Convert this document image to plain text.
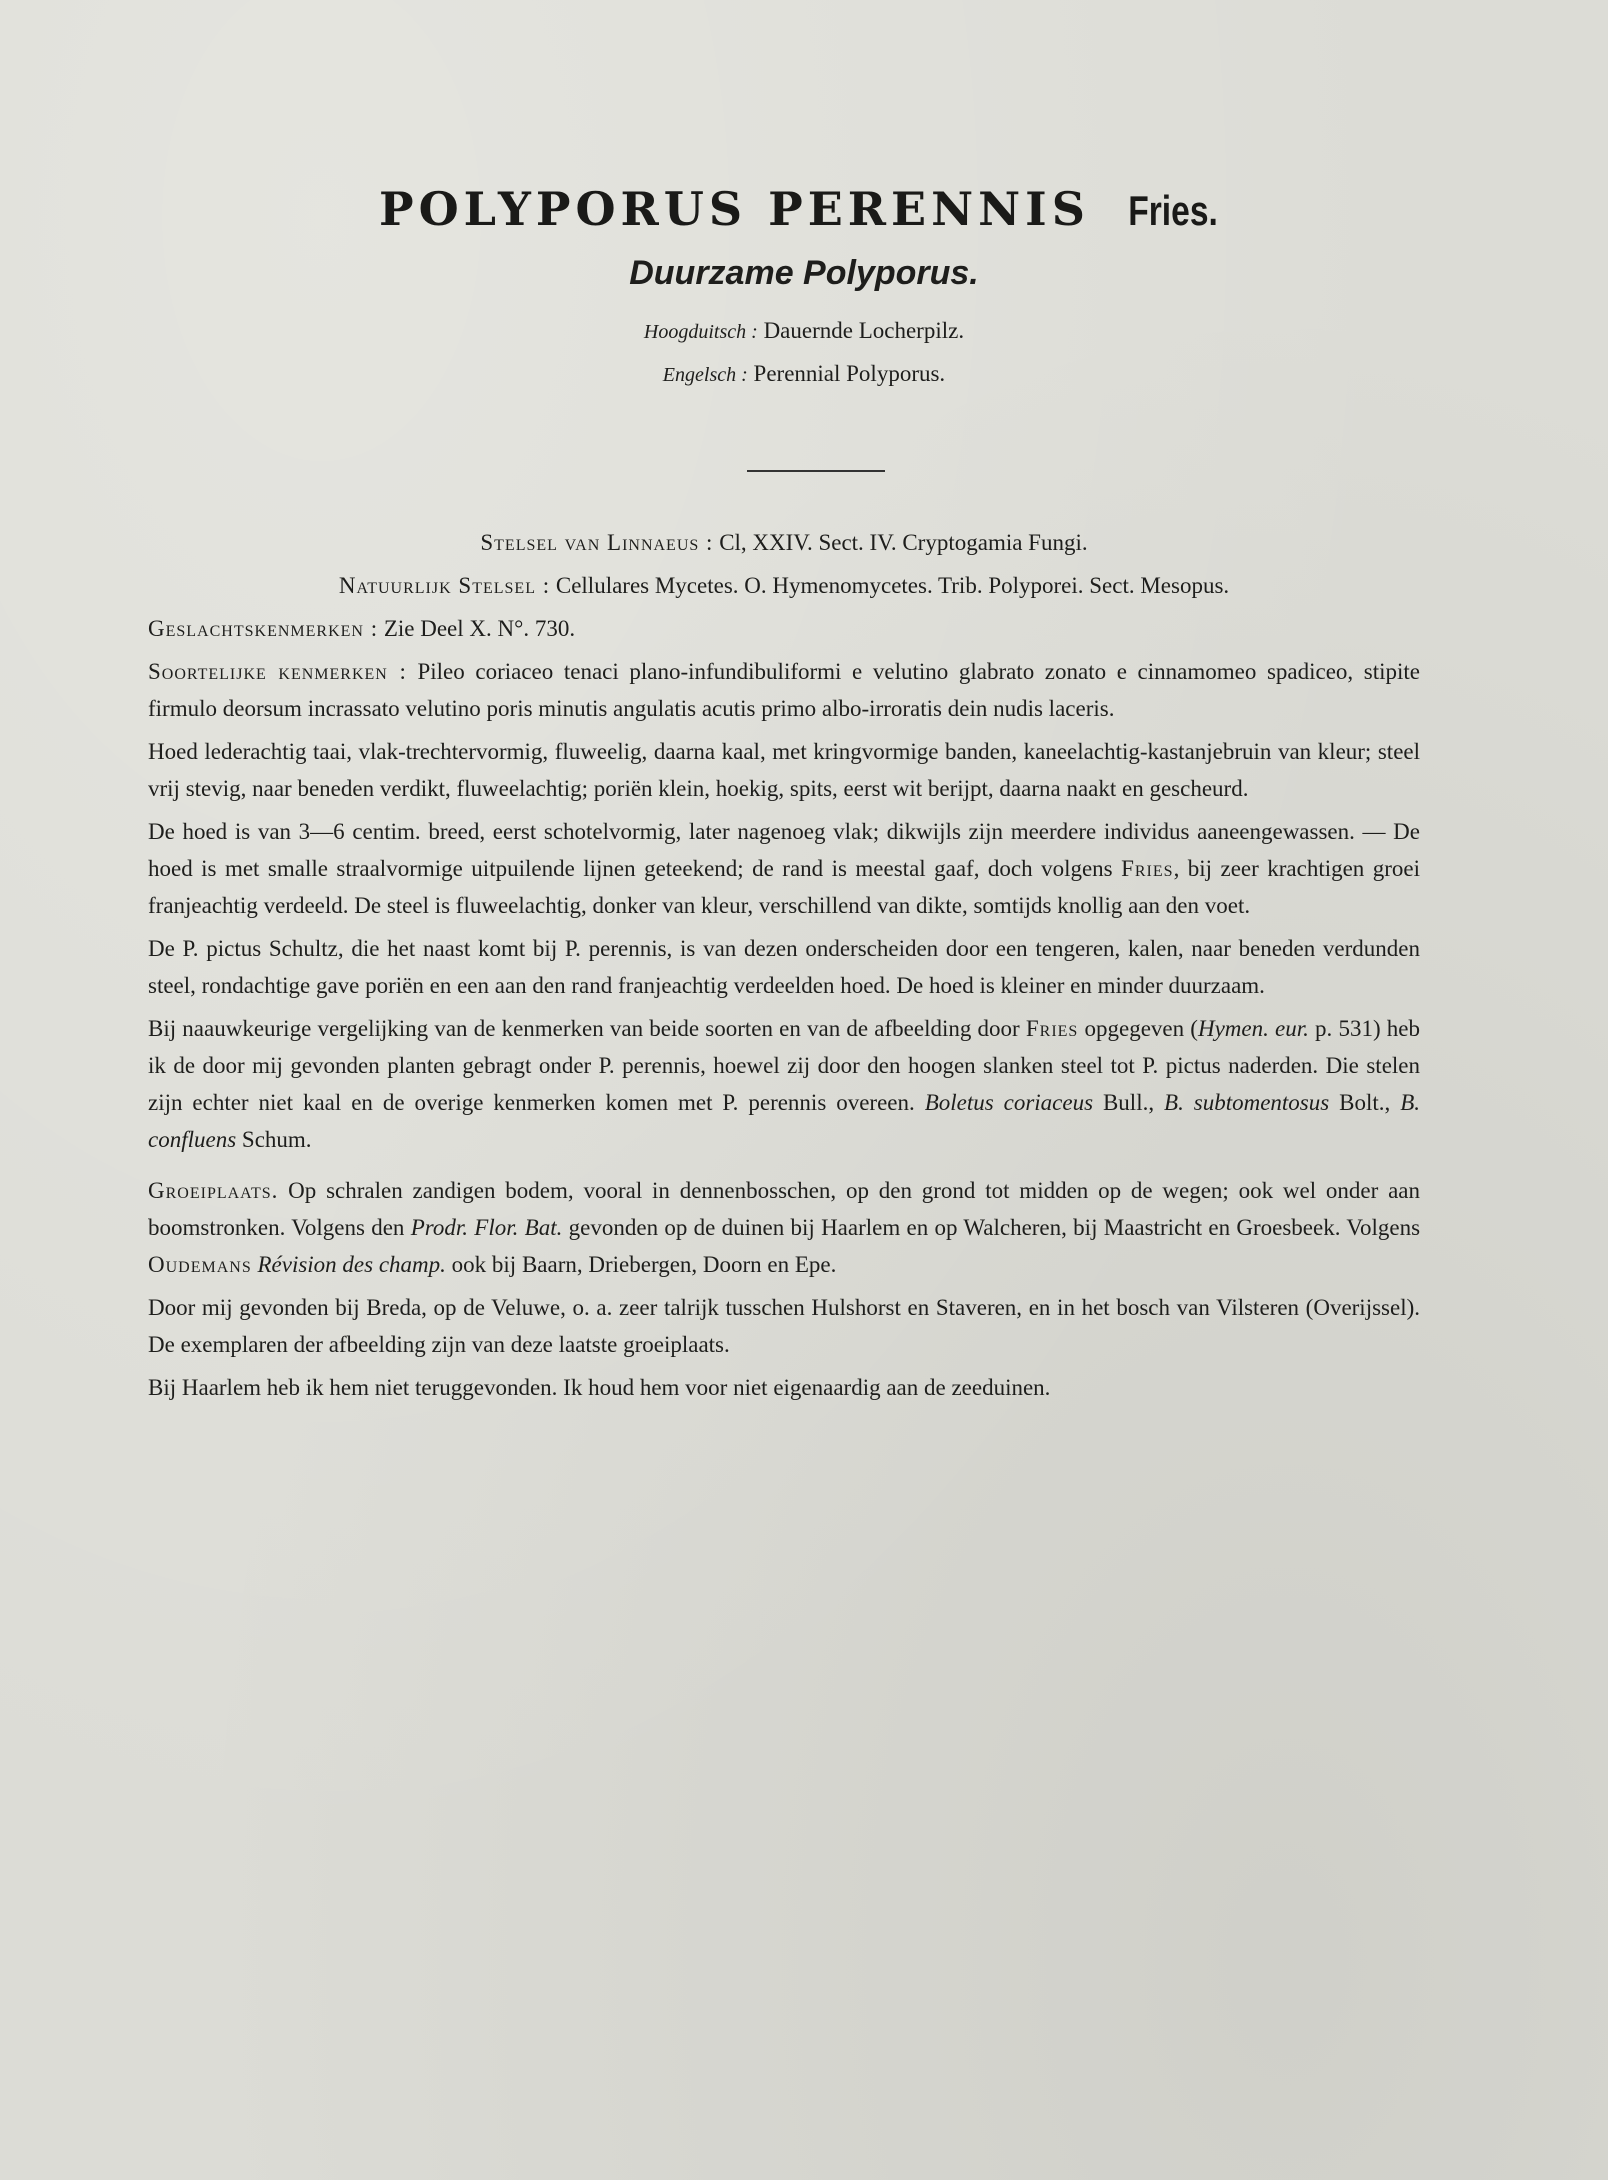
POLYPORUS PERENNIS Fries.
Duurzame Polyporus.
Hoogduitsch : Dauernde Locherpilz.
Engelsch : Perennial Polyporus.

Stelsel van Linnaeus : Cl, XXIV. Sect. IV. Cryptogamia Fungi.

Natuurlijk Stelsel : Cellulares Mycetes. O. Hymenomycetes. Trib. Polyporei. Sect. Mesopus.

Geslachtskenmerken : Zie Deel X. N°. 730.

Soortelijke kenmerken : Pileo coriaceo tenaci plano-infundibuliformi e velutino glabrato zonato e cinnamomeo spadiceo, stipite firmulo deorsum incrassato velutino poris minutis angulatis acutis primo albo-irroratis dein nudis laceris.

Hoed lederachtig taai, vlak-trechtervormig, fluweelig, daarna kaal, met kringvormige banden, kaneelachtig-kastanjebruin van kleur; steel vrij stevig, naar beneden verdikt, fluweelachtig; poriën klein, hoekig, spits, eerst wit berijpt, daarna naakt en gescheurd.

De hoed is van 3—6 centim. breed, eerst schotelvormig, later nagenoeg vlak; dikwijls zijn meerdere individus aaneengewassen. — De hoed is met smalle straalvormige uitpuilende lijnen geteekend; de rand is meestal gaaf, doch volgens Fries, bij zeer krachtigen groei franjeachtig verdeeld. De steel is fluweelachtig, donker van kleur, verschillend van dikte, somtijds knollig aan den voet.

De P. pictus Schultz, die het naast komt bij P. perennis, is van dezen onderscheiden door een tengeren, kalen, naar beneden verdunden steel, rondachtige gave poriën en een aan den rand franjeachtig verdeelden hoed. De hoed is kleiner en minder duurzaam.

Bij naauwkeurige vergelijking van de kenmerken van beide soorten en van de afbeelding door Fries opgegeven (Hymen. eur. p. 531) heb ik de door mij gevonden planten gebragt onder P. perennis, hoewel zij door den hoogen slanken steel tot P. pictus naderden. Die stelen zijn echter niet kaal en de overige kenmerken komen met P. perennis overeen. Boletus coriaceus Bull., B. subtomentosus Bolt., B. confluens Schum.

Groeiplaats. Op schralen zandigen bodem, vooral in dennenbosschen, op den grond tot midden op de wegen; ook wel onder aan boomstronken. Volgens den Prodr. Flor. Bat. gevonden op de duinen bij Haarlem en op Walcheren, bij Maastricht en Groesbeek. Volgens Oudemans Révision des champ. ook bij Baarn, Driebergen, Doorn en Epe.

Door mij gevonden bij Breda, op de Veluwe, o. a. zeer talrijk tusschen Hulshorst en Staveren, en in het bosch van Vilsteren (Overijssel). De exemplaren der afbeelding zijn van deze laatste groeiplaats.

Bij Haarlem heb ik hem niet teruggevonden. Ik houd hem voor niet eigenaardig aan de zeeduinen.
